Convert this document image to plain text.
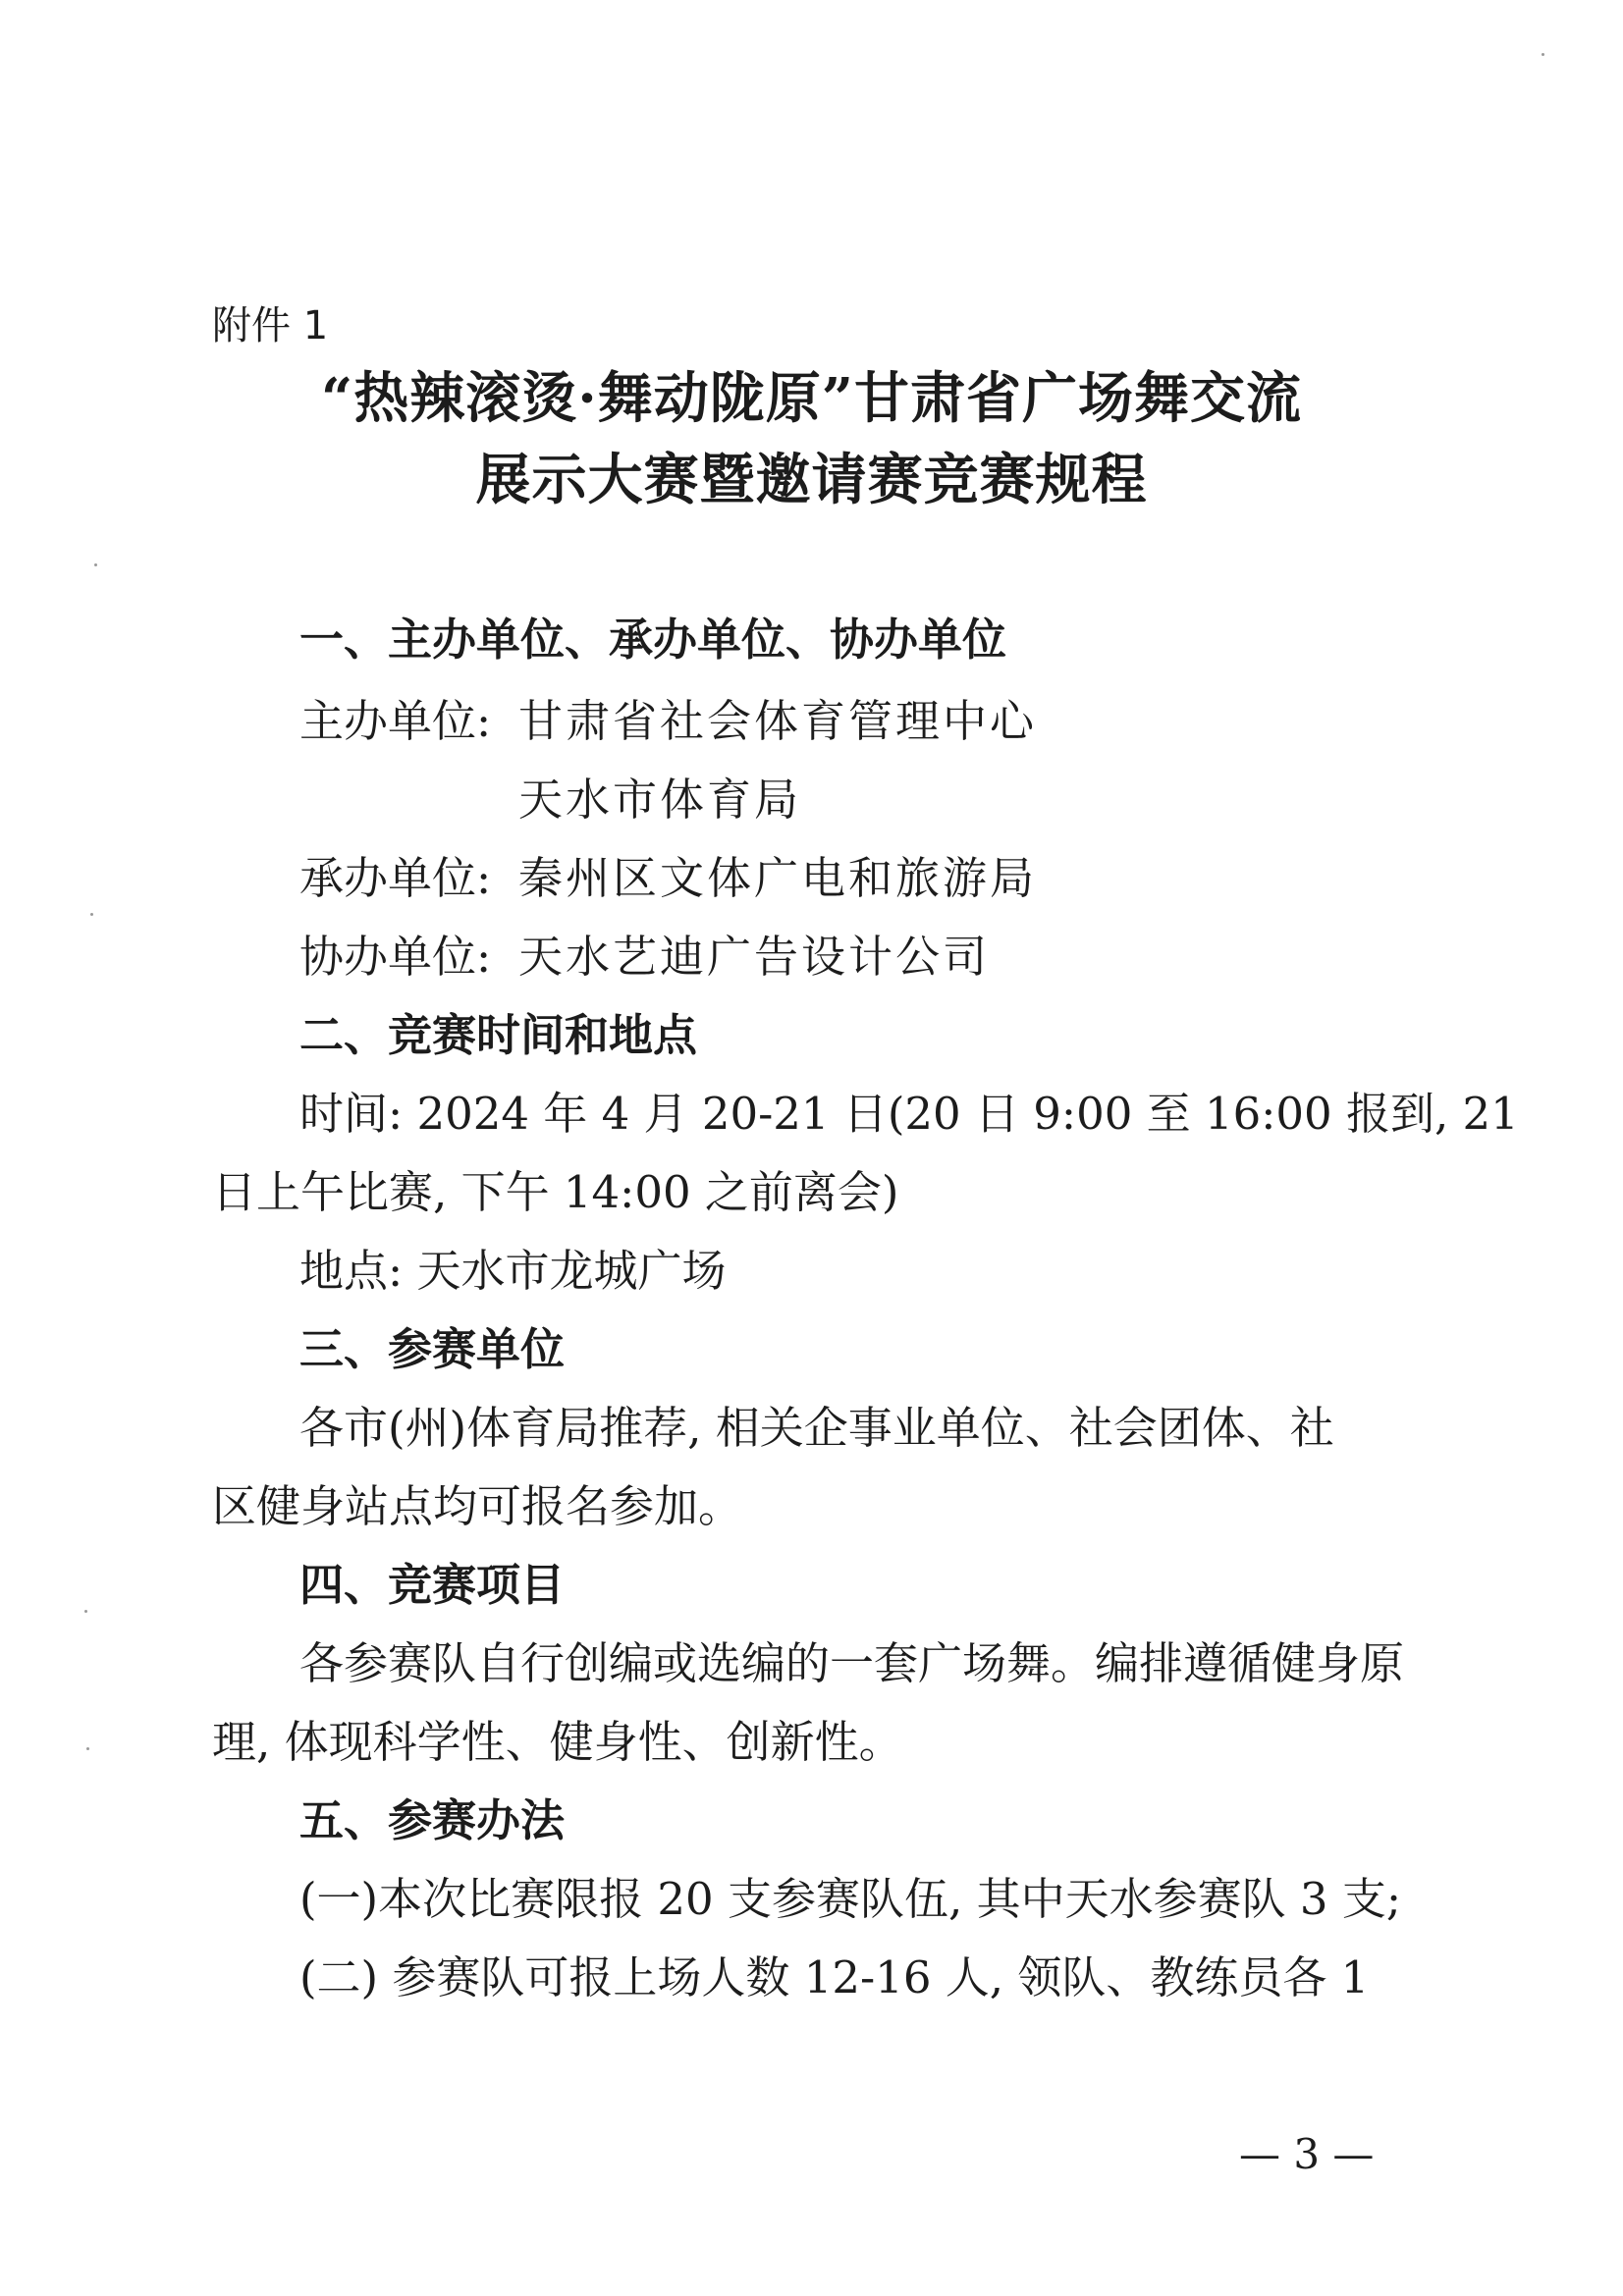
附件 1
“热辣滚烫·舞动陇原”甘肃省广场舞交流
展示大赛暨邀请赛竞赛规程
一、主办单位、承办单位、协办单位
主办单位: 甘肃省社会体育管理中心
天水市体育局
承办单位: 秦州区文体广电和旅游局
协办单位: 天水艺迪广告设计公司
二、竞赛时间和地点
时间: 2024 年 4 月 20-21 日(20 日 9:00 至 16:00 报到, 21
日上午比赛, 下午 14:00 之前离会)
地点: 天水市龙城广场
三、参赛单位
各市(州)体育局推荐, 相关企事业单位、社会团体、社
区健身站点均可报名参加。
四、竞赛项目
各参赛队自行创编或选编的一套广场舞。编排遵循健身原
理, 体现科学性、健身性、创新性。
五、参赛办法
(一)本次比赛限报 20 支参赛队伍, 其中天水参赛队 3 支;
(二) 参赛队可报上场人数 12-16 人, 领队、教练员各 1
— 3 —
